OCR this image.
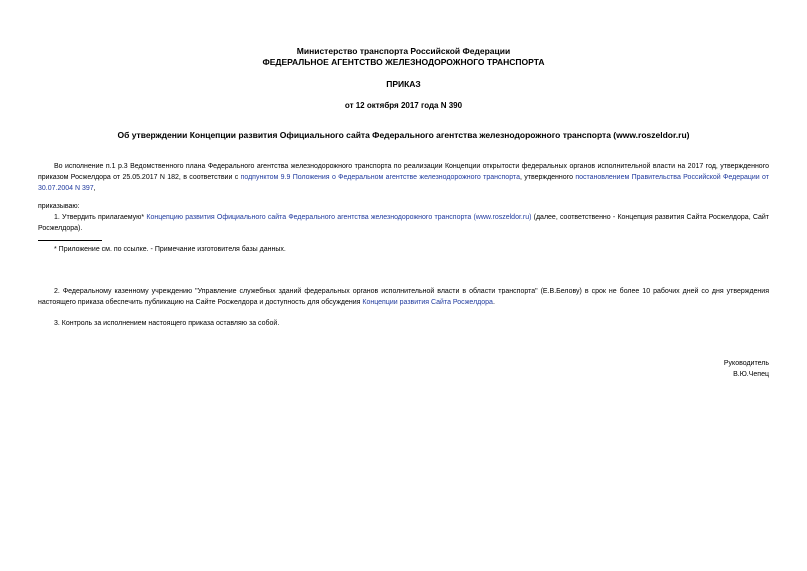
Министерство транспорта Российской Федерации
ФЕДЕРАЛЬНОЕ АГЕНТСТВО ЖЕЛЕЗНОДОРОЖНОГО ТРАНСПОРТА
ПРИКАЗ
от 12 октября 2017 года N 390
Об утверждении Концепции развития Официального сайта Федерального агентства железнодорожного транспорта (www.roszeldor.ru)
Во исполнение п.1 р.3 Ведомственного плана Федерального агентства железнодорожного транспорта по реализации Концепции открытости федеральных органов исполнительной власти на 2017 год, утвержденного приказом Росжелдора от 25.05.2017 N 182, в соответствии с подпунктом 9.9 Положения о Федеральном агентстве железнодорожного транспорта, утвержденного постановлением Правительства Российской Федерации от 30.07.2004 N 397,
приказываю:
1. Утвердить прилагаемую* Концепцию развития Официального сайта Федерального агентства железнодорожного транспорта (www.roszeldor.ru) (далее, соответственно - Концепция развития Сайта Росжелдора, Сайт Росжелдора).
* Приложение см. по ссылке. - Примечание изготовителя базы данных.
2. Федеральному казенному учреждению "Управление служебных зданий федеральных органов исполнительной власти в области транспорта" (Е.В.Белову) в срок не более 10 рабочих дней со дня утверждения настоящего приказа обеспечить публикацию на Сайте Росжелдора и доступность для обсуждения Концепции развития Сайта Росжелдора.
3. Контроль за исполнением настоящего приказа оставляю за собой.
Руководитель
В.Ю.Чепец
